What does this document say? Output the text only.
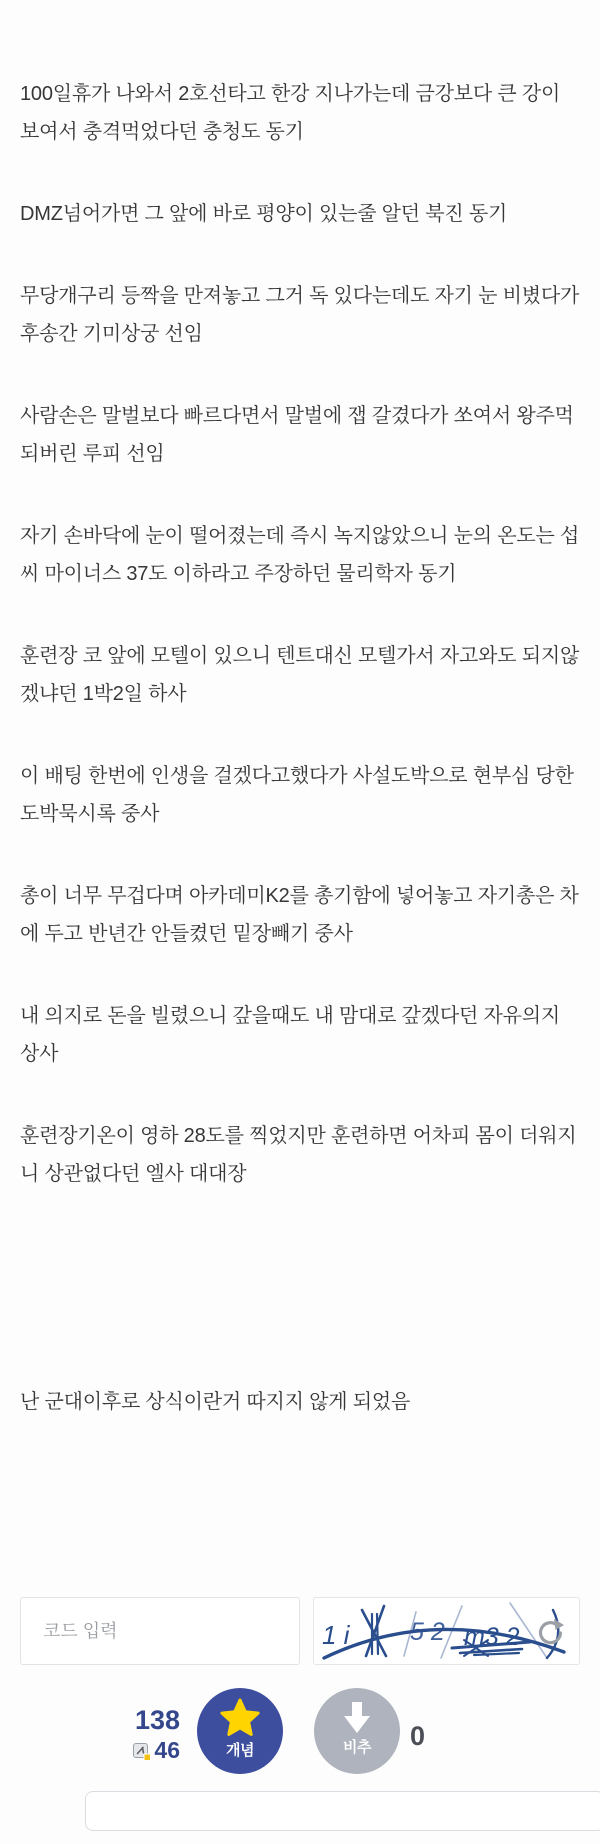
100일휴가 나와서 2호선타고 한강 지나가는데 금강보다 큰 강이 보여서 충격먹었다던 충청도 동기

DMZ넘어가면 그 앞에 바로 평양이 있는줄 알던 북진 동기

무당개구리 등짝을 만져놓고 그거 독 있다는데도 자기 눈 비볐다가 후송간 기미상궁 선임

사람손은 말벌보다 빠르다면서 말벌에 잽 갈겼다가 쏘여서 왕주먹되버린 루피 선임

자기 손바닥에 눈이 떨어졌는데 즉시 녹지않았으니 눈의 온도는 섭씨 마이너스 37도 이하라고 주장하던 물리학자 동기

훈련장 코 앞에 모텔이 있으니 텐트대신 모텔가서 자고와도 되지않겠냐던 1박2일 하사

이 배팅 한번에 인생을 걸겠다고했다가 사설도박으로 현부심 당한 도박묵시록 중사

총이 너무 무겁다며 아카데미K2를 총기함에 넣어놓고 자기총은 차에 두고 반년간 안들켰던 밑장빼기 중사

내 의지로 돈을 빌렸으니 갚을때도 내 맘대로 갚겠다던 자유의지 상사

훈련장기온이 영하 28도를 찍었지만 훈련하면 어차피 몸이 더워지니 상관없다던 엘사 대대장

난 군대이후로 상식이란거 따지지 않게 되었음

코드 입력
1 i 5 2 m3 2
138
46	개념	비추 0
